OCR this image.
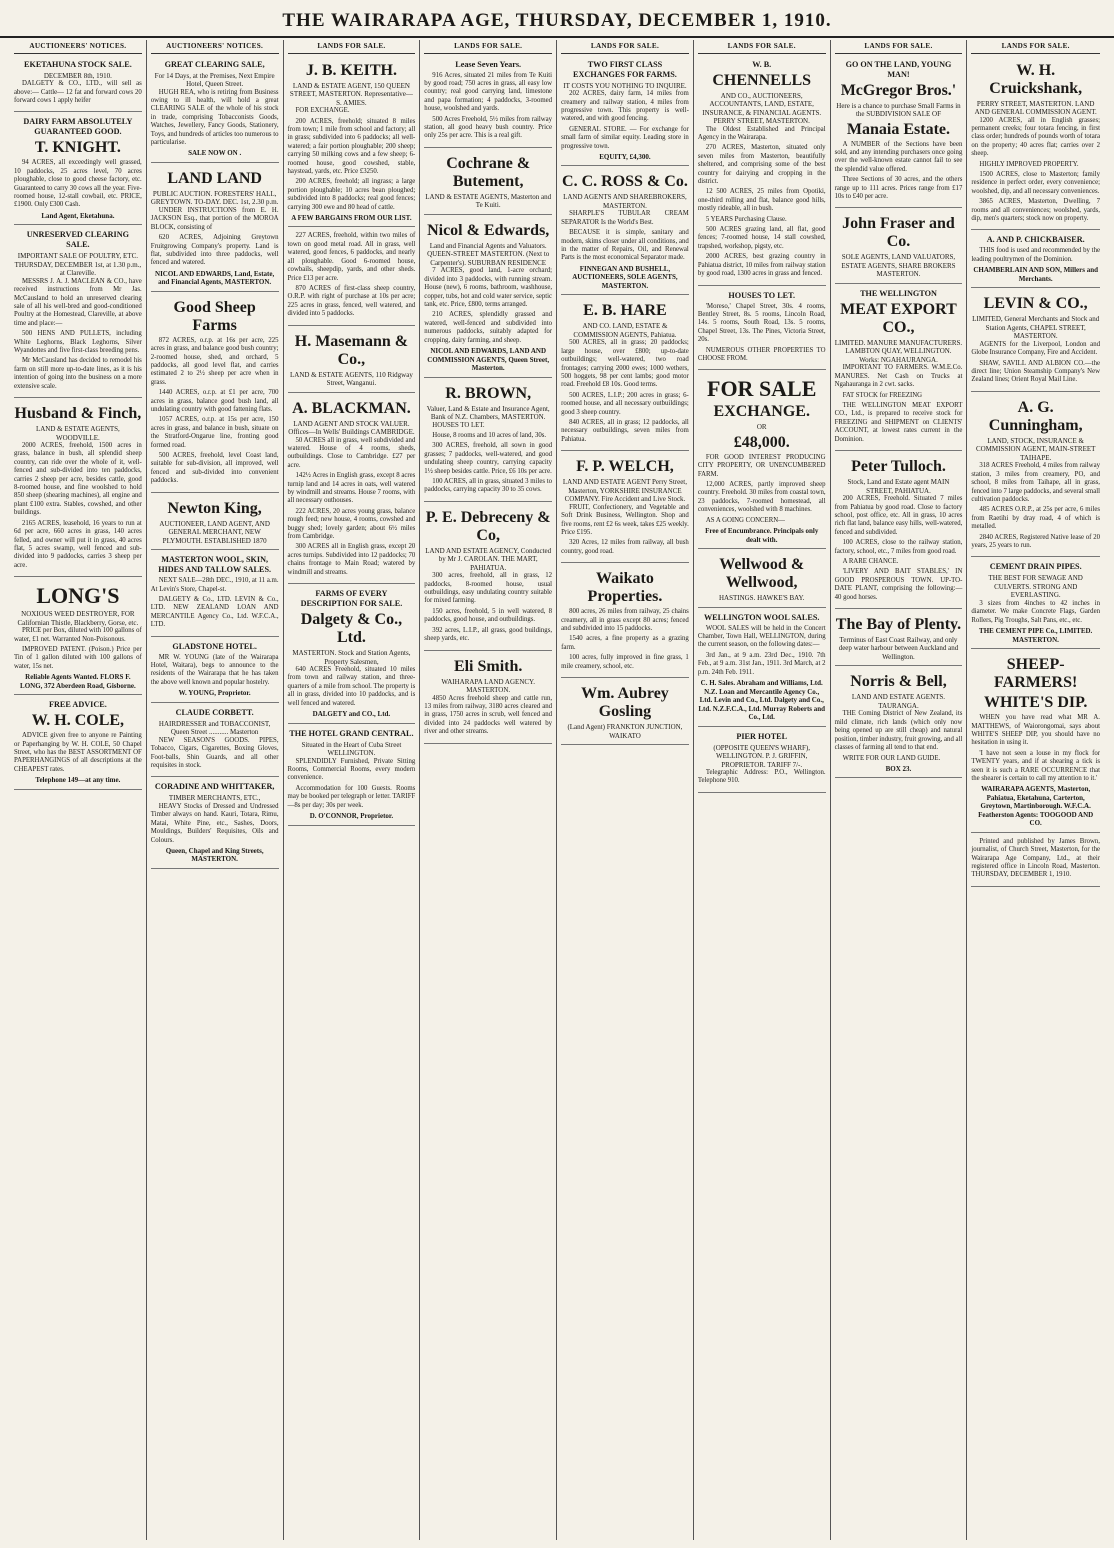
THE WAIRARAPA AGE, THURSDAY, DECEMBER 1, 1910.
AUCTIONEERS' NOTICES.
EKETAHUNA STOCK SALE.
DECEMBER 8th, 1910.

DALGETY & CO., LTD., will sell as above:— Cattle— 12 fat and forward cows 20 forward cows 1 apply heifer

DAIRY FARM ABSOLUTELY GUARANTEED GOOD.
T. KNIGHT.

94 ACRES, all exceedingly well grassed, 10 paddocks, 25 acres level, 70 acres ploughable, close to good cheese factory, etc. Guaranteed to carry 30 cows all the year. Five-roomed house, 12-stall cowbail, etc. PRICE, £1900. Only £300 Cash.

Land Agent, Eketahuna.
UNRESERVED CLEARING SALE.
IMPORTANT SALE OF POULTRY, ETC. THURSDAY, DECEMBER 1st, at 1.30 p.m., at Clareville.

MESSRS J. A. J. MACLEAN & CO., have received instructions from Mr Jas. McCausland to hold an unreserved clearing sale of all his well-bred and good-conditioned Poultry at the Homestead, Clareville, at above time and place:—

500 HENS AND PULLETS, including White Leghorns, Black Leghorns, Silver Wyandottes and five first-class breeding pens.

Mr McCausland has decided to remodel his farm on still more up-to-date lines, as it is his intention of going into the business on a more extensive scale.

Husband & Finch,
LAND & ESTATE AGENTS, WOODVILLE.

2000 ACRES, freehold, 1500 acres in grass, balance in bush, all splendid sheep country, can ride over the whole of it, well-fenced and sub-divided into ten paddocks, carries 2 sheep per acre, besides cattle, good 8-roomed house, and fine woolshed to hold 850 sheep (shearing machines), all engine and plant £100 extra. Stables, cowshed, and other buildings.

2165 ACRES, leasehold, 16 years to run at 6d per acre, 660 acres in grass, 140 acres felled, and owner will put it in grass, 40 acres flat, 5 acres swamp, well fenced and sub-divided into 9 paddocks, carries 3 sheep per acre.

LONG'S
NOXIOUS WEED DESTROYER, FOR Californian Thistle, Blackberry, Gorse, etc.

PRICE per Box, diluted with 100 gallons of water, £1 net. Warranted Non-Poisonous.

IMPROVED PATENT. (Poison.) Price per Tin of 1 gallon diluted with 100 gallons of water, 15s net.

Reliable Agents Wanted. FLORS F. LONG, 372 Aberdeen Road, Gisborne.
FREE ADVICE.
W. H. COLE,

ADVICE given free to anyone re Painting or Paperhanging by W. H. COLE, 50 Chapel Street, who has the BEST ASSORTMENT OF PAPERHANGINGS of all descriptions at the CHEAPEST rates.

Telephone 149—at any time.
AUCTIONEERS' NOTICES.
GREAT CLEARING SALE,
For 14 Days, at the Premises, Next Empire Hotel, Queen Street.

HUGH REA, who is retiring from Business owing to ill health, will hold a great CLEARING SALE of the whole of his stock in trade, comprising Tobacconists Goods, Watches, Jewellery, Fancy Goods, Stationery, Toys, and hundreds of articles too numerous to particularise.

SALE NOW ON .
LAND LAND
PUBLIC AUCTION. FORESTERS' HALL, GREYTOWN. TO-DAY. DEC. 1st, 2.30 p.m.

UNDER INSTRUCTIONS from E. H. JACKSON Esq., that portion of the MOROA BLOCK, consisting of

620 ACRES, Adjoining Greytown Fruitgrowing Company's property. Land is flat, subdivided into three paddocks, well fenced and watered.

NICOL AND EDWARDS, Land, Estate, and Financial Agents, MASTERTON.
Good Sheep Farms

872 ACRES, o.r.p. at 16s per acre, 225 acres in grass, and balance good bush country; 2-roomed house, shed, and orchard, 5 paddocks, all good level flat, and carries estimated 2 to 2½ sheep per acre when in grass.

1440 ACRES, o.r.p. at £1 per acre, 700 acres in grass, balance good bush land, all undulating country with good fattening flats.

1057 ACRES, o.r.p. at 15s per acre, 150 acres in grass, and balance in bush, situate on the Stratford-Ongarue line, fronting good formed road.

500 ACRES, freehold, level Coast land, suitable for sub-division, all improved, well fenced and sub-divided into convenient paddocks.

Newton King,
AUCTIONEER, LAND AGENT, AND GENERAL MERCHANT, NEW PLYMOUTH. ESTABLISHED 1870
MASTERTON WOOL, SKIN, HIDES AND TALLOW SALES.

NEXT SALE—28th DEC., 1910, at 11 a.m. At Levin's Store, Chapel-st.

DALGETY & Co., LTD. LEVIN & Co., LTD. NEW ZEALAND LOAN AND MERCANTILE Agency Co., Ltd. W.F.C.A., LTD.

GLADSTONE HOTEL.

MR W. YOUNG (late of the Wairarapa Hotel, Waitara), begs to announce to the residents of the Wairarapa that he has taken the above well known and popular hostelry.

W. YOUNG, Proprietor.
CLAUDE CORBETT.
HAIRDRESSER and TOBACCONIST, Queen Street ........... Masterton

NEW SEASON'S GOODS. PIPES, Tobacco, Cigars, Cigarettes, Boxing Gloves, Foot-balls, Shin Guards, and all other requisites in stock.

CORADINE AND WHITTAKER,
TIMBER MERCHANTS, ETC.,

HEAVY Stocks of Dressed and Undressed Timber always on hand. Kauri, Totara, Rimu, Matai, White Pine, etc., Sashes, Doors, Mouldings, Builders' Requisites, Oils and Colours.

Queen, Chapel and King Streets, MASTERTON.
LANDS FOR SALE.
J. B. KEITH.
LAND & ESTATE AGENT, 150 QUEEN STREET, MASTERTON. Representative—S. AMIES.

FOR EXCHANGE.

200 ACRES, freehold; situated 8 miles from town; 1 mile from school and factory; all in grass; subdivided into 6 paddocks; all well-watered; a fair portion ploughable; 200 sheep; carrying 50 milking cows and a few sheep; 6-roomed house, good cowshed, stable, haystead, yards, etc. Price £3250.

200 ACRES, freehold; all ingrass; a large portion ploughable; 10 acres bean ploughed; subdivided into 8 paddocks; real good fences; carrying 300 ewe and 80 head of cattle.

A FEW BARGAINS FROM OUR LIST.

227 ACRES, freehold, within two miles of town on good metal road. All in grass, well watered, good fences, 6 paddocks, and nearly all ploughable. Good 6-roomed house, cowbails, sheepdip, yards, and other sheds. Price £13 per acre.

870 ACRES of first-class sheep country, O.R.P. with right of purchase at 10s per acre; 225 acres in grass, fenced, well watered, and divided into 5 paddocks.

H. Masemann & Co.,
LAND & ESTATE AGENTS, 110 Ridgway Street, Wanganui.
A. BLACKMAN.
LAND AGENT AND STOCK VALUER. Offices—In Wells' Buildings CAMBRIDGE.

50 ACRES all in grass, well subdivided and watered. House of 4 rooms, sheds, outbuildings. Close to Cambridge. £27 per acre.

142½ Acres in English grass, except 8 acres turnip land and 14 acres in oats, well watered by windmill and streams. House 7 rooms, with all necessary outhouses.

222 ACRES, 20 acres young grass, balance rough feed; new house, 4 rooms, cowshed and buggy shed; lovely garden; about 6½ miles from Cambridge.

300 ACRES all in English grass, except 20 acres turnips. Subdivided into 12 paddocks; 70 chains frontage to Main Road; watered by windmill and streams.

FARMS OF EVERY DESCRIPTION FOR SALE.
Dalgety & Co., Ltd.
MASTERTON. Stock and Station Agents, Property Salesmen,

640 ACRES Freehold, situated 10 miles from town and railway station, and three-quarters of a mile from school. The property is all in grass, divided into 10 paddocks, and is well fenced and watered.

DALGETY and CO., Ltd.
THE HOTEL GRAND CENTRAL.
Situated in the Heart of Cuba Street WELLINGTON.

SPLENDIDLY Furnished, Private Sitting Rooms, Commercial Rooms, every modern convenience.

Accommodation for 100 Guests. Rooms may be booked per telegraph or letter. TARIFF—8s per day; 30s per week.

D. O'CONNOR, Proprietor.
LANDS FOR SALE.
Lease Seven Years.

916 Acres, situated 21 miles from Te Kuiti by good road; 750 acres in grass, all easy low country; real good carrying land, limestone and papa formation; 4 paddocks, 3-roomed house, woolshed and yards.

500 Acres Freehold, 5½ miles from railway station, all good heavy bush country. Price only 25s per acre. This is a real gift.

Cochrane & Butement,
LAND & ESTATE AGENTS, Masterton and Te Kuiti.
Nicol & Edwards,
Land and Financial Agents and Valuators. QUEEN-STREET MASTERTON. (Next to Carpenter's). SUBURBAN RESIDENCE

7 ACRES, good land, 1-acre orchard; divided into 3 paddocks, with running stream. House (new), 6 rooms, bathroom, washhouse, copper, tubs, hot and cold water service, septic tank, etc. Price, £800, terms arranged.

210 ACRES, splendidly grassed and watered, well-fenced and subdivided into numerous paddocks, suitably adapted for cropping, dairy farming, and sheep.

NICOL AND EDWARDS, LAND AND COMMISSION AGENTS, Queen Street, Masterton.
R. BROWN,
Valuer, Land & Estate and Insurance Agent, Bank of N.Z. Chambers, MASTERTON.

HOUSES TO LET.

House, 8 rooms and 10 acres of land, 30s.

300 ACRES, freehold, all sown in good grasses; 7 paddocks, well-watered, and good undulating sheep country, carrying capacity 1½ sheep besides cattle. Price, £6 10s per acre.

100 ACRES, all in grass, situated 3 miles to paddocks, carrying capacity 30 to 35 cows.

P. E. Debreceny & Co,
LAND AND ESTATE AGENCY, Conducted by Mr J. CAROLAN. THE MART, PAHIATUA.

300 acres, freehold, all in grass, 12 paddocks, 8-roomed house, usual outbuildings, easy undulating country suitable for mixed farming.

150 acres, freehold, 5 in well watered, 8 paddocks, good house, and outbuildings.

392 acres, L.I.P., all grass, good buildings, sheep yards, etc.

Eli Smith.
WAIHARAPA LAND AGENCY. MASTERTON.

4850 Acres freehold sheep and cattle run, 13 miles from railway, 3180 acres cleared and in grass, 1750 acres in scrub, well fenced and divided into 24 paddocks well watered by river and other streams.

LANDS FOR SALE.
TWO FIRST CLASS EXCHANGES FOR FARMS.
IT COSTS YOU NOTHING TO INQUIRE.

202 ACRES, dairy farm, 14 miles from creamery and railway station, 4 miles from progressive town. This property is well-watered, and with good fencing.

GENERAL STORE. — For exchange for small farm of similar equity. Leading store in progressive town.

EQUITY, £4,300.
C. C. ROSS & Co.
LAND AGENTS AND SHAREBROKERS, MASTERTON.

SHARPLE'S TUBULAR CREAM SEPARATOR Is the World's Best.

BECAUSE it is simple, sanitary and modern, skims closer under all conditions, and in the matter of Repairs, Oil, and Renewal Parts is the most economical Separator made.

FINNEGAN AND BUSHELL, AUCTIONEERS, SOLE AGENTS, MASTERTON.
E. B. HARE
AND CO. LAND, ESTATE & COMMISSION AGENTS, Pahiatua.

500 ACRES, all in grass; 20 paddocks; large house, over £800; up-to-date outbuildings; well-watered, two road frontages; carrying 2000 ewes; 1000 wethers, 500 hoggets, 98 per cent lambs; good motor road. Freehold £8 10s. Good terms.

500 ACRES, L.I.P.; 200 acres in grass; 6-roomed house, and all necessary outbuildings; good 3 sheep country.

840 ACRES, all in grass; 12 paddocks, all necessary outbuildings, seven miles from Pahiatua.

F. P. WELCH,
LAND AND ESTATE AGENT Perry Street, Masterton, YORKSHIRE INSURANCE COMPANY. Fire Accident and Live Stock.

FRUIT, Confectionery, and Vegetable and Soft Drink Business, Wellington. Shop and five rooms, rent £2 6s week, takes £25 weekly. Price £195.

320 Acres, 12 miles from railway, all bush country, good road.

Waikato Properties.

800 acres, 26 miles from railway, 25 chains creamery, all in grass except 80 acres; fenced and subdivided into 15 paddocks.

1540 acres, a fine property as a grazing farm.

100 acres, fully improved in fine grass, 1 mile creamery, school, etc.

Wm. Aubrey Gosling
(Land Agent) FRANKTON JUNCTION, WAIKATO
LANDS FOR SALE.
W. B.
CHENNELLS
AND CO., AUCTIONEERS, ACCOUNTANTS, LAND, ESTATE, INSURANCE, & FINANCIAL AGENTS. PERRY STREET, MASTERTON.

The Oldest Established and Principal Agency in the Wairarapa.

270 ACRES, Masterton, situated only seven miles from Masterton, beautifully sheltered, and comprising some of the best country for dairying and cropping in the district.

12 500 ACRES, 25 miles from Opotiki, one-third rolling and flat, balance good hills, mostly rideable, all in bush.

5 YEARS Purchasing Clause.

500 ACRES grazing land, all flat, good fences; 7-roomed house, 14 stall cowshed, trapshed, workshop, pigsty, etc.

2000 ACRES, best grazing country in Pahiatua district, 10 miles from railway station by good road, 1300 acres in grass and fenced.

HOUSES TO LET.

'Moreso,' Chapel Street, 30s. 4 rooms, Bentley Street, 8s. 5 rooms, Lincoln Road, 14s. 5 rooms, South Road, 13s. 5 rooms, Chapel Street, 13s. The Pines, Victoria Street, 20s.

NUMEROUS OTHER PROPERTIES TO CHOOSE FROM.

FOR SALE
EXCHANGE.
OR
£48,000.

FOR GOOD INTEREST PRODUCING CITY PROPERTY, OR UNENCUMBERED FARM.

12,000 ACRES, partly improved sheep country. Freehold. 30 miles from coastal town, 23 paddocks, 7-roomed homestead, all conveniences, woolshed with 8 machines.

AS A GOING CONCERN—

Free of Encumbrance. Principals only dealt with.
Wellwood & Wellwood,
HASTINGS. HAWKE'S BAY.
WELLINGTON WOOL SALES.

WOOL SALES will be held in the Concert Chamber, Town Hall, WELLINGTON, during the current season, on the following dates:—

3rd Jan., at 9 a.m. 23rd Dec., 1910. 7th Feb., at 9 a.m. 31st Jan., 1911. 3rd March, at 2 p.m. 24th Feb. 1911.

C. H. Sales. Abraham and Williams, Ltd. N.Z. Loan and Mercantile Agency Co., Ltd. Levin and Co., Ltd. Dalgety and Co., Ltd. N.Z.F.C.A., Ltd. Murray Roberts and Co., Ltd.
PIER HOTEL
(OPPOSITE QUEEN'S WHARF), WELLINGTON. P. J. GRIFFIN, PROPRIETOR. TARIFF 7/-.

Telegraphic Address: P.O., Wellington. Telephone 910.

LANDS FOR SALE.
GO ON THE LAND, YOUNG MAN!
McGregor Bros.'
Here is a chance to purchase Small Farms in the SUBDIVISION SALE OF
Manaia Estate.

A NUMBER of the Sections have been sold, and any intending purchasers once going over the well-known estate cannot fail to see the splendid value offered.

Three Sections of 30 acres, and the others range up to 111 acres. Prices range from £17 10s to £40 per acre.

John Fraser and Co.
SOLE AGENTS, LAND VALUATORS, ESTATE AGENTS, SHARE BROKERS MASTERTON.
THE WELLINGTON
MEAT EXPORT CO.,
LIMITED. MANURE MANUFACTURERS. LAMBTON QUAY, WELLINGTON. Works: NGAHAURANGA.

IMPORTANT TO FARMERS. W.M.E.Co. MANURES. Net Cash on Trucks at Ngahauranga in 2 cwt. sacks.

FAT STOCK for FREEZING

THE WELLINGTON MEAT EXPORT CO., Ltd., is prepared to receive stock for FREEZING and SHIPMENT on CLIENTS' ACCOUNT, at lowest rates current in the Dominion.

Peter Tulloch.
Stock, Land and Estate agent MAIN STREET, PAHIATUA.

200 ACRES, Freehold. Situated 7 miles from Pahiatua by good road. Close to factory school, post office, etc. All in grass, 10 acres rich flat land, balance easy hills, well-watered, fenced and subdivided.

100 ACRES, close to the railway station, factory, school, etc., 7 miles from good road.

A RARE CHANCE.

'LIVERY AND BAIT STABLES,' IN GOOD PROSPEROUS TOWN. UP-TO-DATE PLANT, comprising the following:—40 good horses.

The Bay of Plenty.
Terminus of East Coast Railway, and only deep water harbour between Auckland and Wellington.
Norris & Bell,
LAND AND ESTATE AGENTS. TAURANGA.

THE Coming District of New Zealand, its mild climate, rich lands (which only now being opened up are still cheap) and natural position, timber industry, fruit growing, and all classes of farming all tend to that end.

WRITE FOR OUR LAND GUIDE.

BOX 23.
LANDS FOR SALE.
W. H. Cruickshank,
PERRY STREET, MASTERTON. LAND AND GENERAL COMMISSION AGENT.

1200 ACRES, all in English grasses; permanent creeks; four totara fencing, in first class order; hundreds of pounds worth of totara on the property; 40 acres flat; carries over 2 sheep.

HIGHLY IMPROVED PROPERTY.

1500 ACRES, close to Masterton; family residence in perfect order, every convenience; woolshed, dip, and all necessary conveniences.

3865 ACRES, Masterton, Dwelling, 7 rooms and all conveniences; woolshed, yards, dip, men's quarters; stock now on property.

A. AND P. CHICKBAISER.

THIS food is used and recommended by the leading poultrymen of the Dominion.

CHAMBERLAIN AND SON, Millers and Merchants.
LEVIN & CO.,
LIMITED, General Merchants and Stock and Station Agents, CHAPEL STREET, MASTERTON.

AGENTS for the Liverpool, London and Globe Insurance Company, Fire and Accident.

SHAW, SAVILL AND ALBION CO.—the direct line; Union Steamship Company's New Zealand lines; Orient Royal Mail Line.

A. G. Cunningham,
LAND, STOCK, INSURANCE & COMMISSION AGENT, MAIN-STREET TAIHAPE.

318 ACRES Freehold, 4 miles from railway station, 3 miles from creamery, PO, and school, 8 miles from Taihape, all in grass, fenced into 7 large paddocks, and several small cultivation paddocks.

485 ACRES O.R.P., at 25s per acre, 6 miles from Raetihi by dray road, 4 of which is metalled.

2840 ACRES, Registered Native lease of 20 years, 25 years to run.

CEMENT DRAIN PIPES.
THE BEST FOR SEWAGE AND CULVERTS. STRONG AND EVERLASTING.

3 sizes from 4inches to 42 inches in diameter. We make Concrete Flags, Garden Rollers, Pig Troughs, Salt Pans, etc., etc.

THE CEMENT PIPE Co., LIMITED. MASTERTON.
SHEEP-FARMERS!
WHITE'S DIP.

WHEN you have read what MR A. MATTHEWS, of Waiorongomai, says about WHITE'S SHEEP DIP, you should have no hesitation in using it.

'I have not seen a louse in my flock for TWENTY years, and if at shearing a tick is seen it is such a RARE OCCURRENCE that the shearer is certain to call my attention to it.'

WAIRARAPA AGENTS, Masterton, Pahiatua, Eketahuna, Carterton, Greytown, Martinborough. W.F.C.A. Featherston Agents: TOOGOOD AND CO.

Printed and published by James Brown, journalist, of Church Street, Masterton, for the Wairarapa Age Company, Ltd., at their registered office in Lincoln Road, Masterton. THURSDAY, DECEMBER 1, 1910.
